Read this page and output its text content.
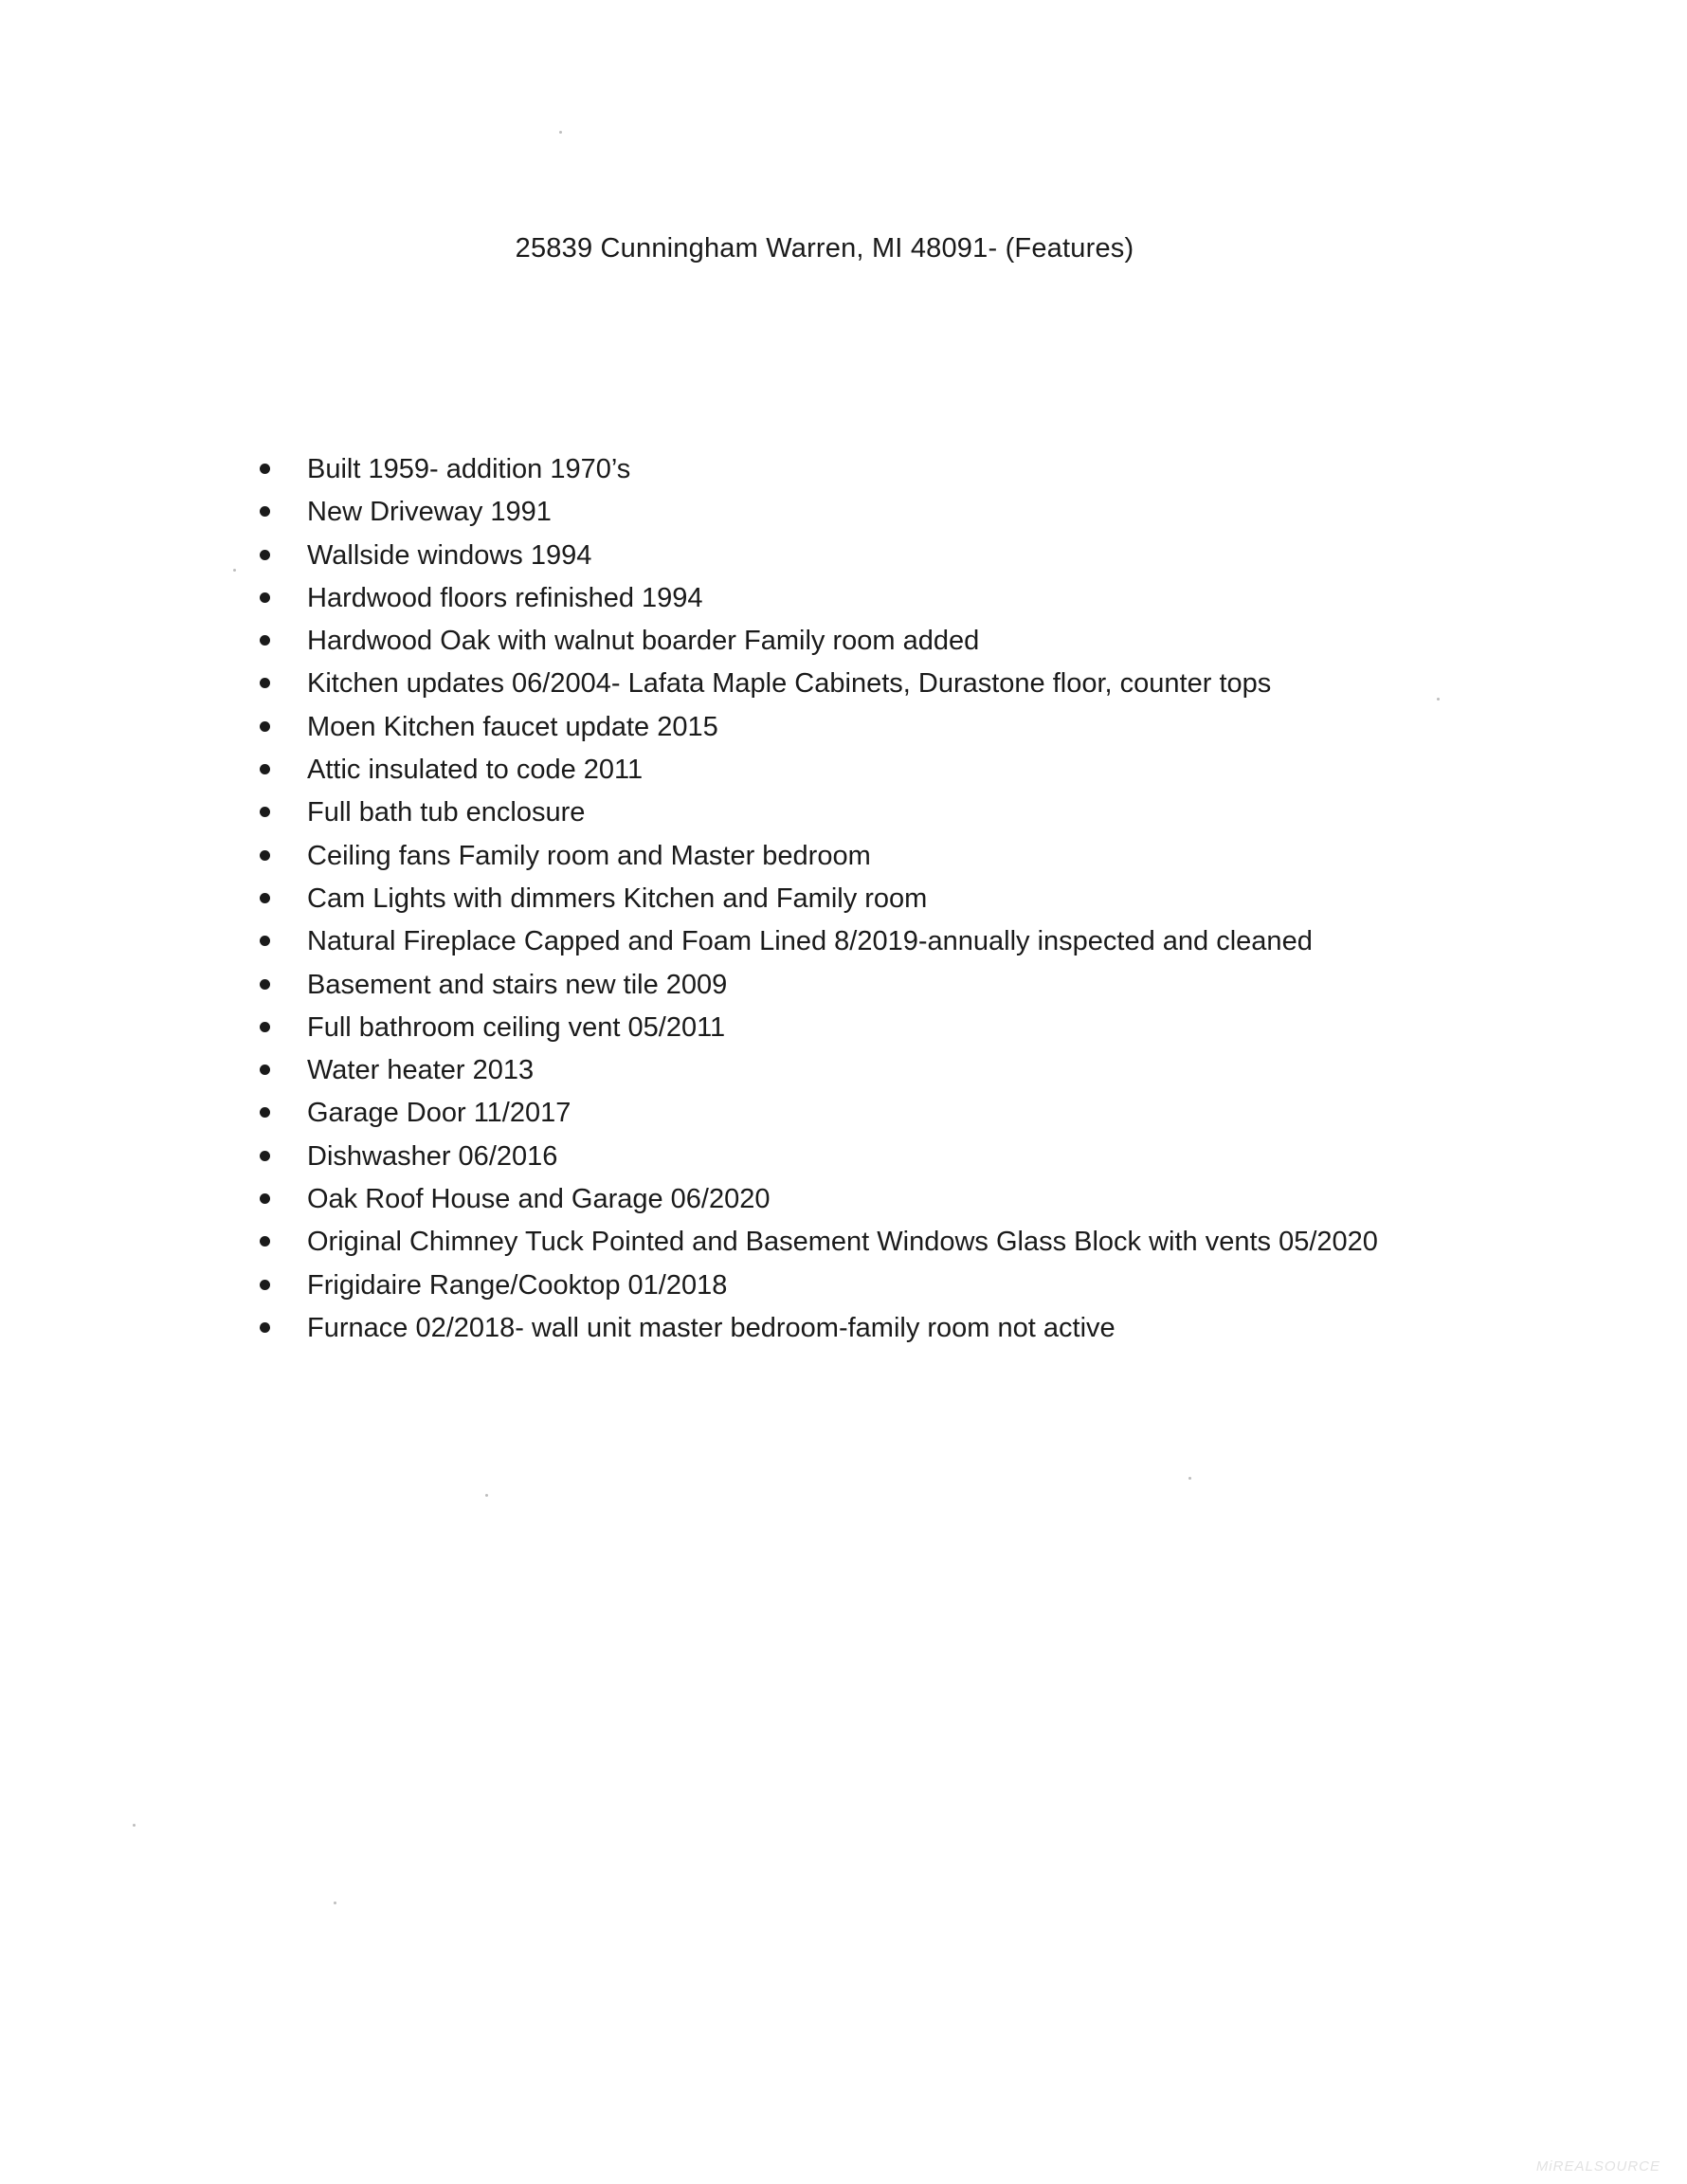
25839 Cunningham Warren, MI 48091- (Features)
Built 1959- addition 1970’s
New Driveway 1991
Wallside windows 1994
Hardwood floors refinished 1994
Hardwood Oak with walnut boarder Family room added
Kitchen updates 06/2004- Lafata Maple Cabinets, Durastone floor, counter tops
Moen Kitchen faucet update 2015
Attic insulated to code 2011
Full bath tub enclosure
Ceiling fans Family room and Master bedroom
Cam Lights with dimmers Kitchen and Family room
Natural Fireplace Capped and Foam Lined 8/2019-annually inspected and cleaned
Basement and stairs new tile 2009
Full bathroom ceiling vent 05/2011
Water heater 2013
Garage Door 11/2017
Dishwasher 06/2016
Oak Roof House and Garage 06/2020
Original Chimney Tuck Pointed and Basement Windows Glass Block with vents 05/2020
Frigidaire Range/Cooktop 01/2018
Furnace 02/2018- wall unit master bedroom-family room not active
MiREALSOURCE
